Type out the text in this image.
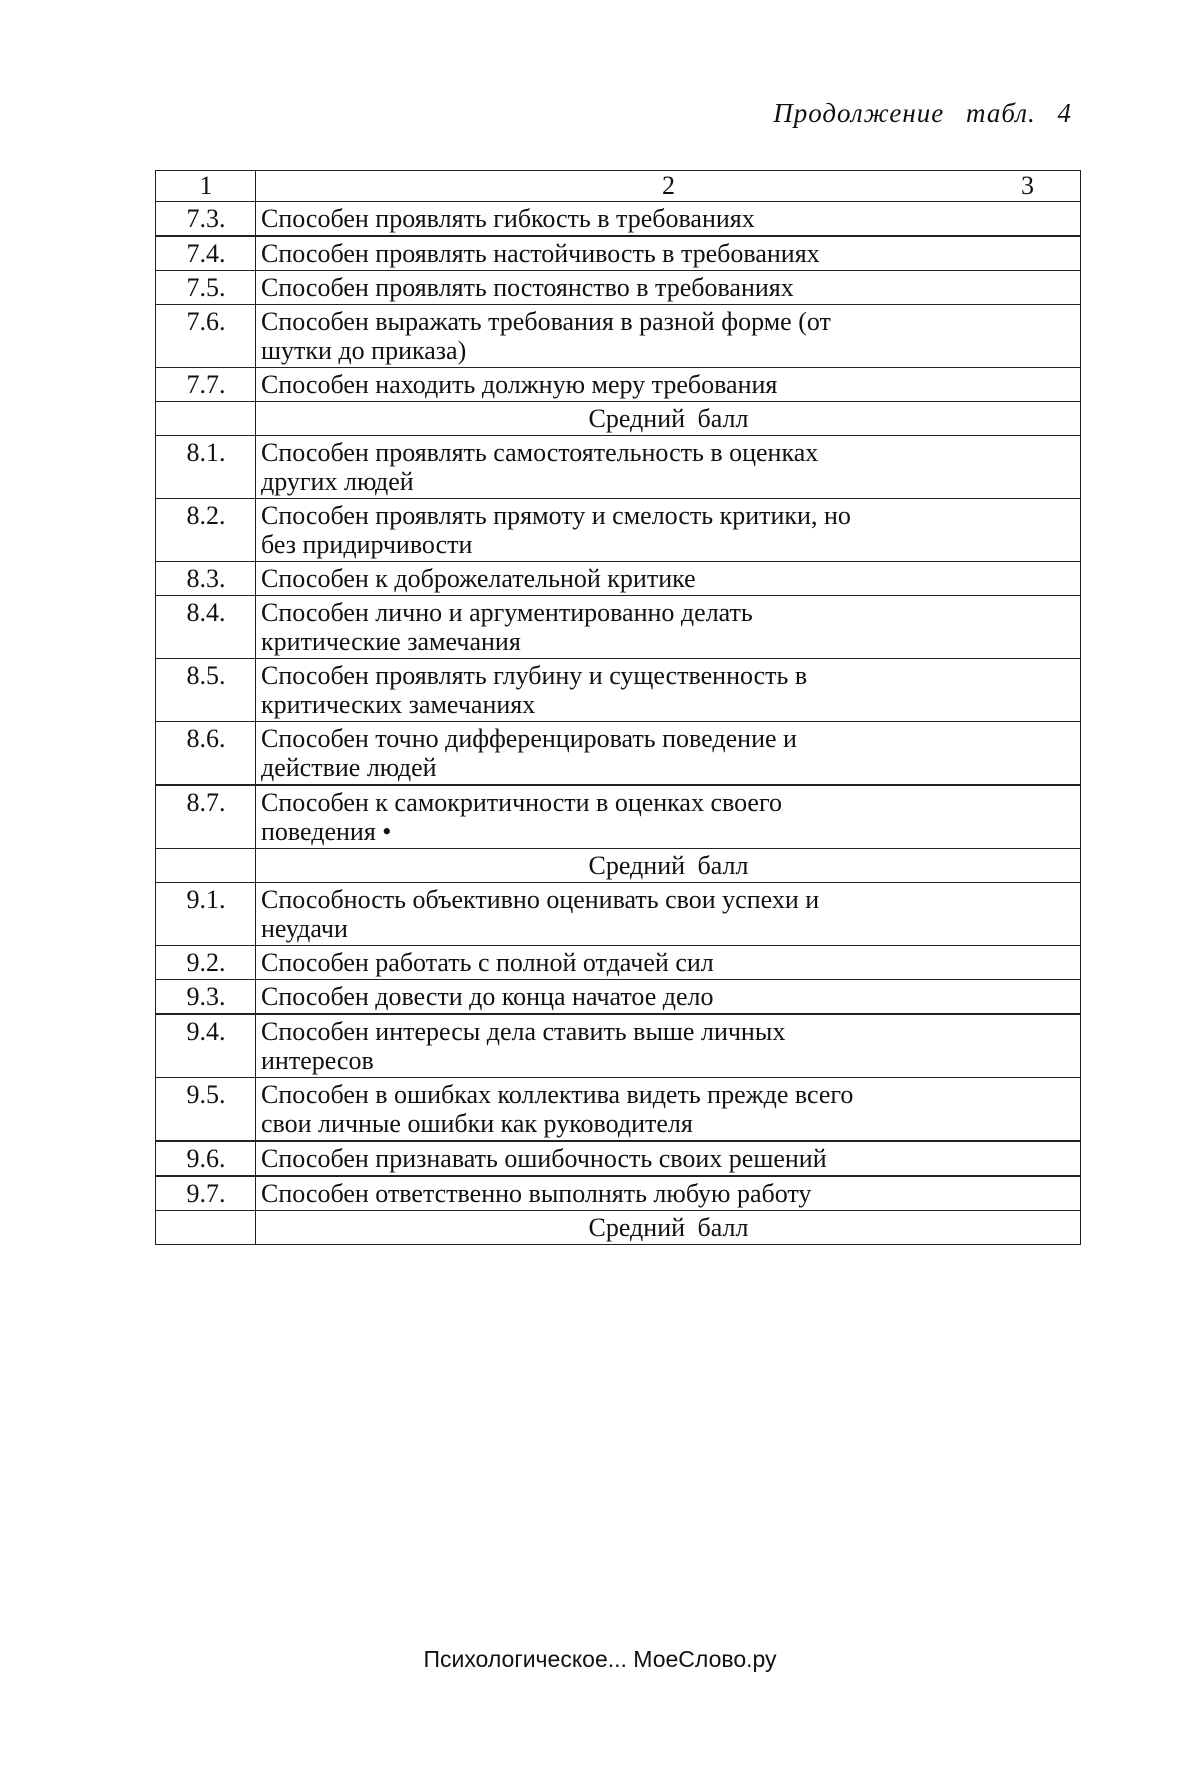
Продолжение табл. 4
1	2 3

7.3.	Способен проявлять гибкость в требованиях
7.4.	Способен проявлять настойчивость в требованиях
7.5.	Способен проявлять постоянство в требованиях
7.6.	Способен выражать требования в разной форме (от
шутки до приказа)
7.7.	Способен находить должную меру требования
	Средний балл
8.1.	Способен проявлять самостоятельность в оценках
других людей
8.2.	Способен проявлять прямоту и смелость критики, но
без придирчивости
8.3.	Способен к доброжелательной критике
8.4.	Способен лично и аргументированно делать
критические замечания
8.5.	Способен проявлять глубину и существенность в
критических замечаниях
8.6.	Способен точно дифференцировать поведение и
действие людей
8.7.	Способен к самокритичности в оценках своего
поведения •
	Средний балл
9.1.	Способность объективно оценивать свои успехи и
неудачи
9.2.	Способен работать с полной отдачей сил
9.3.	Способен довести до конца начатое дело
9.4.	Способен интересы дела ставить выше личных
интересов
9.5.	Способен в ошибках коллектива видеть прежде всего
свои личные ошибки как руководителя
9.6.	Способен признавать ошибочность своих решений
9.7.	Способен ответственно выполнять любую работу
	Средний балл
Психологическое... МоеСлово.ру
